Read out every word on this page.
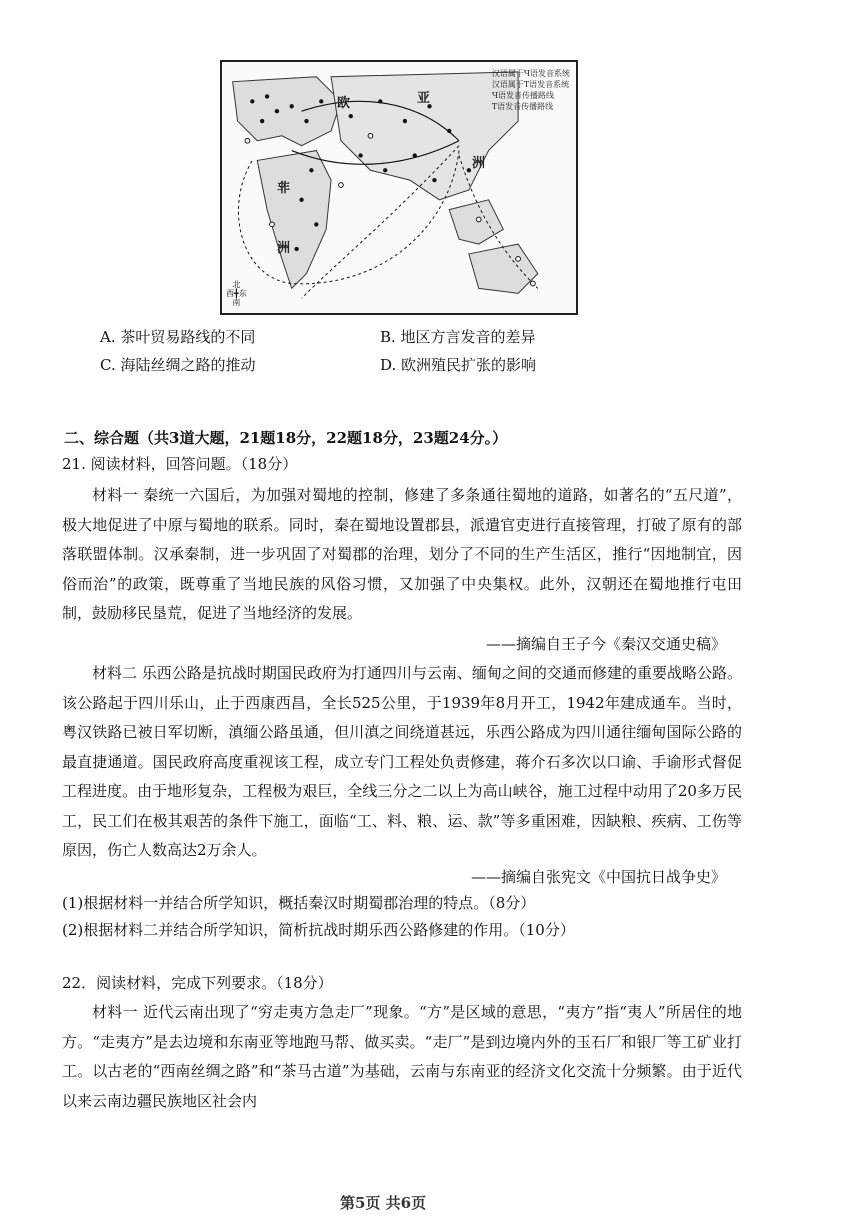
汉语属于Ч语发音系统
汉语属于T语发音系统
Ч语发音传播路线
T语发音传播路线
欧	亚
非
洲
洲
北
西╋东
南
A. 茶叶贸易路线的不同	B. 地区方言发音的差异
C. 海陆丝绸之路的推动	D. 欧洲殖民扩张的影响
二、综合题（共3道大题，21题18分，22题18分，23题24分。）
21. 阅读材料，回答问题。（18分）
材料一 秦统一六国后，为加强对蜀地的控制，修建了多条通往蜀地的道路，如著名的“五尺道”，极大地促进了中原与蜀地的联系。同时，秦在蜀地设置郡县，派遣官吏进行直接管理，打破了原有的部落联盟体制。汉承秦制，进一步巩固了对蜀郡的治理，划分了不同的生产生活区，推行“因地制宜，因俗而治”的政策，既尊重了当地民族的风俗习惯，又加强了中央集权。此外，汉朝还在蜀地推行屯田制，鼓励移民垦荒，促进了当地经济的发展。
——摘编自王子今《秦汉交通史稿》
材料二 乐西公路是抗战时期国民政府为打通四川与云南、缅甸之间的交通而修建的重要战略公路。该公路起于四川乐山，止于西康西昌，全长525公里，于1939年8月开工，1942年建成通车。当时，粤汉铁路已被日军切断，滇缅公路虽通，但川滇之间绕道甚远，乐西公路成为四川通往缅甸国际公路的最直捷通道。国民政府高度重视该工程，成立专门工程处负责修建，蒋介石多次以口谕、手谕形式督促工程进度。由于地形复杂，工程极为艰巨，全线三分之二以上为高山峡谷，施工过程中动用了20多万民工，民工们在极其艰苦的条件下施工，面临“工、料、粮、运、款”等多重困难，因缺粮、疾病、工伤等原因，伤亡人数高达2万余人。
——摘编自张宪文《中国抗日战争史》
(1)根据材料一并结合所学知识，概括秦汉时期蜀郡治理的特点。（8分）
(2)根据材料二并结合所学知识，简析抗战时期乐西公路修建的作用。（10分）
22．阅读材料，完成下列要求。（18分）
材料一 近代云南出现了“穷走夷方急走厂”现象。“方”是区域的意思，“夷方”指“夷人”所居住的地方。“走夷方”是去边境和东南亚等地跑马帮、做买卖。“走厂”是到边境内外的玉石厂和银厂等工矿业打工。以古老的“西南丝绸之路”和“茶马古道”为基础，云南与东南亚的经济文化交流十分频繁。由于近代以来云南边疆民族地区社会内
第5页 共6页
